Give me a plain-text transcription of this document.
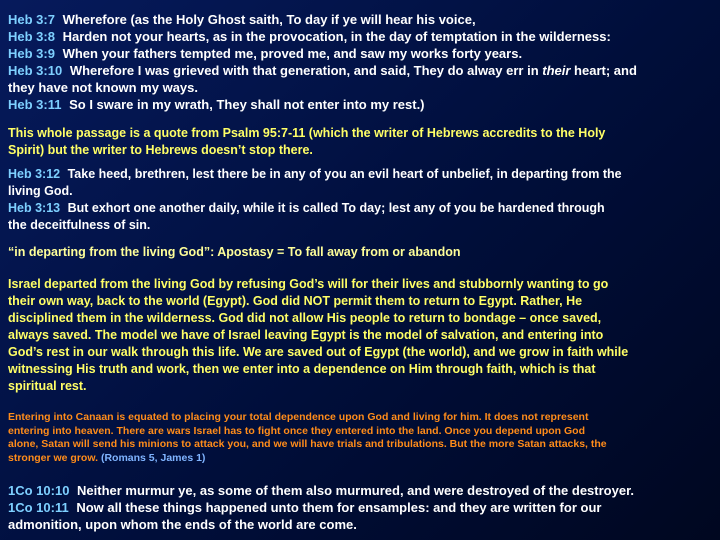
Heb 3:7 Wherefore (as the Holy Ghost saith, To day if ye will hear his voice,
Heb 3:8 Harden not your hearts, as in the provocation, in the day of temptation in the wilderness:
Heb 3:9 When your fathers tempted me, proved me, and saw my works forty years.
Heb 3:10 Wherefore I was grieved with that generation, and said, They do alway err in their heart; and
they have not known my ways.
Heb 3:11 So I sware in my wrath, They shall not enter into my rest.)
This whole passage is a quote from Psalm 95:7-11 (which the writer of Hebrews accredits to the Holy
Spirit) but the writer to Hebrews doesn’t stop there.
Heb 3:12 Take heed, brethren, lest there be in any of you an evil heart of unbelief, in departing from the
living God.
Heb 3:13 But exhort one another daily, while it is called To day; lest any of you be hardened through
the deceitfulness of sin.
“in departing from the living God”: Apostasy = To fall away from or abandon
Israel departed from the living God by refusing God’s will for their lives and stubbornly wanting to go
their own way, back to the world (Egypt). God did NOT permit them to return to Egypt. Rather, He
disciplined them in the wilderness. God did not allow His people to return to bondage – once saved,
always saved. The model we have of Israel leaving Egypt is the model of salvation, and entering into
God’s rest in our walk through this life. We are saved out of Egypt (the world), and we grow in faith while
witnessing His truth and work, then we enter into a dependence on Him through faith, which is that
spiritual rest.
Entering into Canaan is equated to placing your total dependence upon God and living for him. It does not represent
entering into heaven. There are wars Israel has to fight once they entered into the land. Once you depend upon God
alone, Satan will send his minions to attack you, and we will have trials and tribulations. But the more Satan attacks, the
stronger we grow. (Romans 5, James 1)
1Co 10:10 Neither murmur ye, as some of them also murmured, and were destroyed of the destroyer.
1Co 10:11 Now all these things happened unto them for ensamples: and they are written for our
admonition, upon whom the ends of the world are come.
